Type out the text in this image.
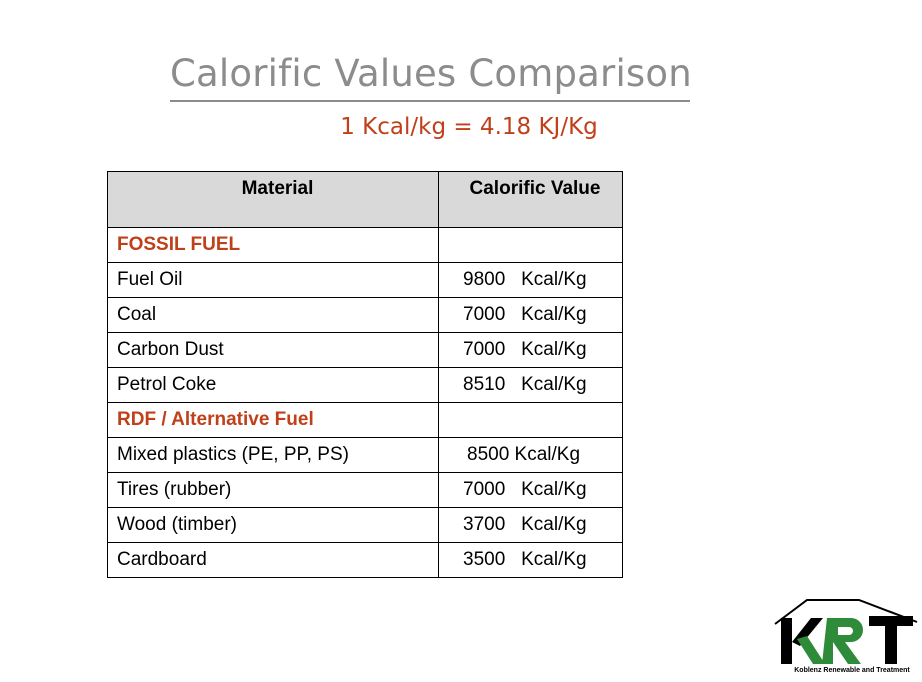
Calorific Values Comparison
1 Kcal/kg = 4.18 KJ/Kg
Material	Calorific Value
FOSSIL FUEL	
Fuel Oil	9800   Kcal/Kg
Coal	7000   Kcal/Kg
Carbon Dust	7000   Kcal/Kg
Petrol Coke	8510   Kcal/Kg
RDF / Alternative Fuel	
Mixed plastics (PE, PP, PS)	8500 Kcal/Kg
Tires (rubber)	7000   Kcal/Kg
Wood (timber)	3700   Kcal/Kg
Cardboard	3500   Kcal/Kg
Koblenz Renewable and Treatment
